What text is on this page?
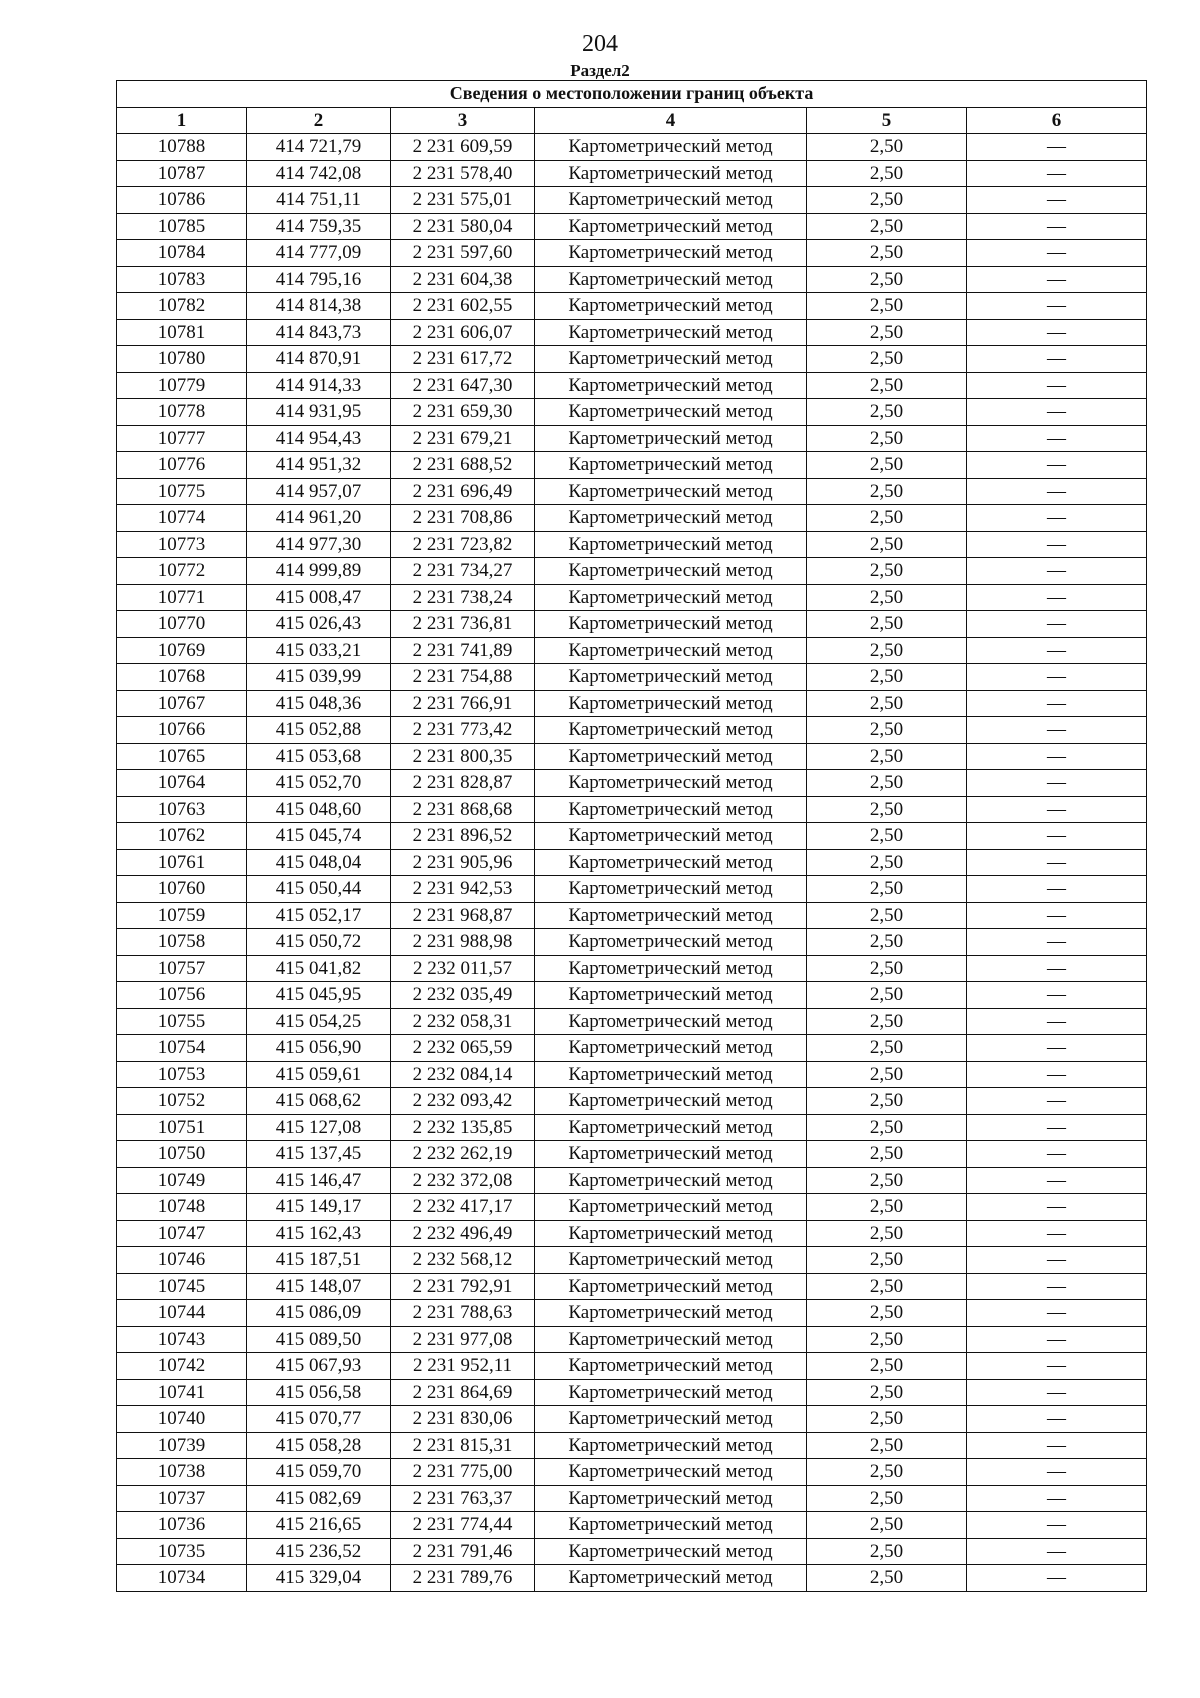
204
Раздел2
Сведения о местоположении границ объекта					
1	2	3	4	5	6
10788	414 721,79	2 231 609,59	Картометрический метод	2,50	—
10787	414 742,08	2 231 578,40	Картометрический метод	2,50	—
10786	414 751,11	2 231 575,01	Картометрический метод	2,50	—
10785	414 759,35	2 231 580,04	Картометрический метод	2,50	—
10784	414 777,09	2 231 597,60	Картометрический метод	2,50	—
10783	414 795,16	2 231 604,38	Картометрический метод	2,50	—
10782	414 814,38	2 231 602,55	Картометрический метод	2,50	—
10781	414 843,73	2 231 606,07	Картометрический метод	2,50	—
10780	414 870,91	2 231 617,72	Картометрический метод	2,50	—
10779	414 914,33	2 231 647,30	Картометрический метод	2,50	—
10778	414 931,95	2 231 659,30	Картометрический метод	2,50	—
10777	414 954,43	2 231 679,21	Картометрический метод	2,50	—
10776	414 951,32	2 231 688,52	Картометрический метод	2,50	—
10775	414 957,07	2 231 696,49	Картометрический метод	2,50	—
10774	414 961,20	2 231 708,86	Картометрический метод	2,50	—
10773	414 977,30	2 231 723,82	Картометрический метод	2,50	—
10772	414 999,89	2 231 734,27	Картометрический метод	2,50	—
10771	415 008,47	2 231 738,24	Картометрический метод	2,50	—
10770	415 026,43	2 231 736,81	Картометрический метод	2,50	—
10769	415 033,21	2 231 741,89	Картометрический метод	2,50	—
10768	415 039,99	2 231 754,88	Картометрический метод	2,50	—
10767	415 048,36	2 231 766,91	Картометрический метод	2,50	—
10766	415 052,88	2 231 773,42	Картометрический метод	2,50	—
10765	415 053,68	2 231 800,35	Картометрический метод	2,50	—
10764	415 052,70	2 231 828,87	Картометрический метод	2,50	—
10763	415 048,60	2 231 868,68	Картометрический метод	2,50	—
10762	415 045,74	2 231 896,52	Картометрический метод	2,50	—
10761	415 048,04	2 231 905,96	Картометрический метод	2,50	—
10760	415 050,44	2 231 942,53	Картометрический метод	2,50	—
10759	415 052,17	2 231 968,87	Картометрический метод	2,50	—
10758	415 050,72	2 231 988,98	Картометрический метод	2,50	—
10757	415 041,82	2 232 011,57	Картометрический метод	2,50	—
10756	415 045,95	2 232 035,49	Картометрический метод	2,50	—
10755	415 054,25	2 232 058,31	Картометрический метод	2,50	—
10754	415 056,90	2 232 065,59	Картометрический метод	2,50	—
10753	415 059,61	2 232 084,14	Картометрический метод	2,50	—
10752	415 068,62	2 232 093,42	Картометрический метод	2,50	—
10751	415 127,08	2 232 135,85	Картометрический метод	2,50	—
10750	415 137,45	2 232 262,19	Картометрический метод	2,50	—
10749	415 146,47	2 232 372,08	Картометрический метод	2,50	—
10748	415 149,17	2 232 417,17	Картометрический метод	2,50	—
10747	415 162,43	2 232 496,49	Картометрический метод	2,50	—
10746	415 187,51	2 232 568,12	Картометрический метод	2,50	—
10745	415 148,07	2 231 792,91	Картометрический метод	2,50	—
10744	415 086,09	2 231 788,63	Картометрический метод	2,50	—
10743	415 089,50	2 231 977,08	Картометрический метод	2,50	—
10742	415 067,93	2 231 952,11	Картометрический метод	2,50	—
10741	415 056,58	2 231 864,69	Картометрический метод	2,50	—
10740	415 070,77	2 231 830,06	Картометрический метод	2,50	—
10739	415 058,28	2 231 815,31	Картометрический метод	2,50	—
10738	415 059,70	2 231 775,00	Картометрический метод	2,50	—
10737	415 082,69	2 231 763,37	Картометрический метод	2,50	—
10736	415 216,65	2 231 774,44	Картометрический метод	2,50	—
10735	415 236,52	2 231 791,46	Картометрический метод	2,50	—
10734	415 329,04	2 231 789,76	Картометрический метод	2,50	—
